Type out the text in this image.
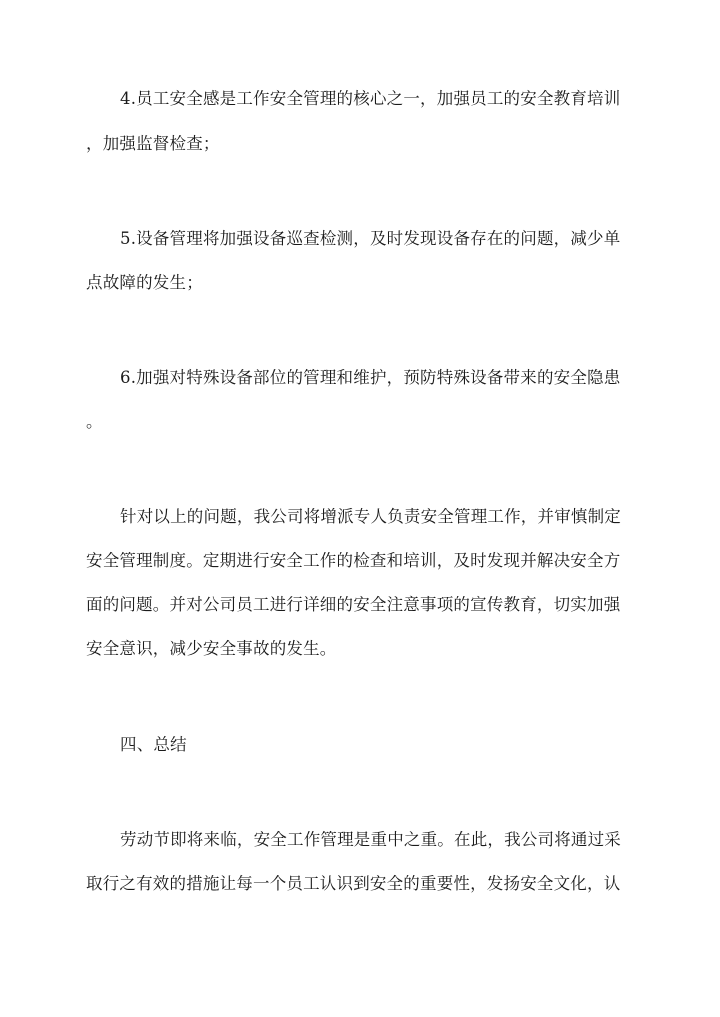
4.员工安全感是工作安全管理的核心之一，加强员工的安全教育培训
，加强监督检查；
5.设备管理将加强设备巡查检测，及时发现设备存在的问题，减少单
点故障的发生；
6.加强对特殊设备部位的管理和维护，预防特殊设备带来的安全隐患
。
针对以上的问题，我公司将增派专人负责安全管理工作，并审慎制定
安全管理制度。定期进行安全工作的检查和培训，及时发现并解决安全方
面的问题。并对公司员工进行详细的安全注意事项的宣传教育，切实加强
安全意识，减少安全事故的发生。
四、总结
劳动节即将来临，安全工作管理是重中之重。在此，我公司将通过采
取行之有效的措施让每一个员工认识到安全的重要性，发扬安全文化，认
